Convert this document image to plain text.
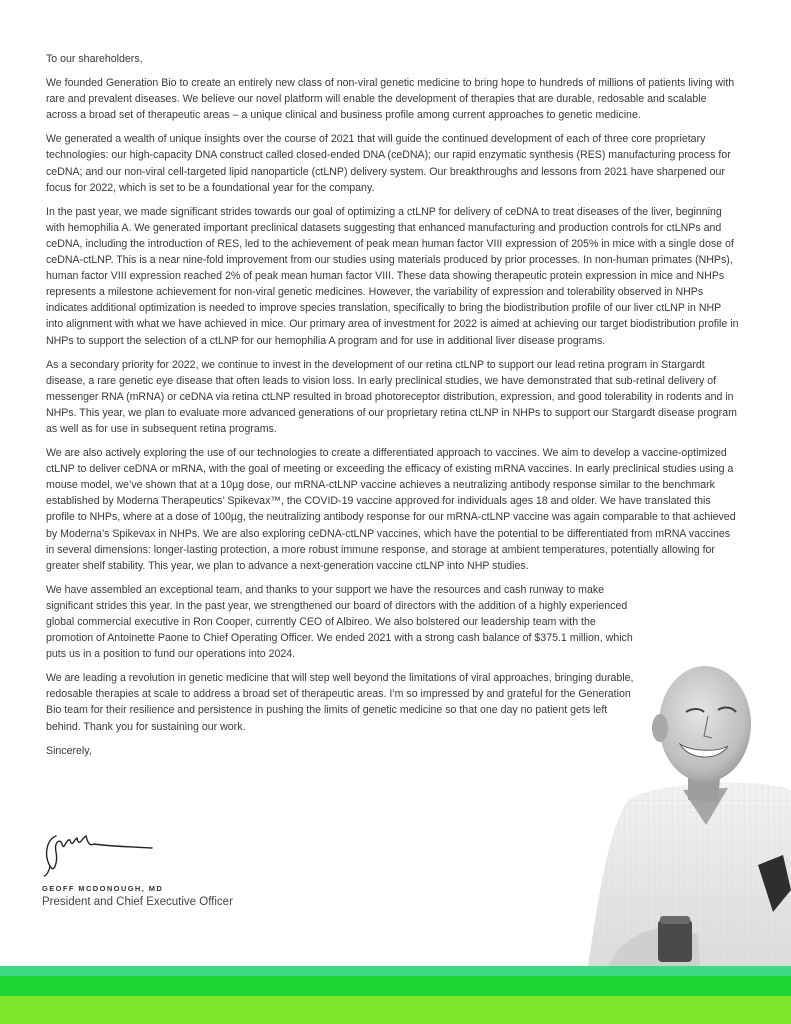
To our shareholders,

We founded Generation Bio to create an entirely new class of non-viral genetic medicine to bring hope to hundreds of millions of patients living with rare and prevalent diseases. We believe our novel platform will enable the development of therapies that are durable, redosable and scalable across a broad set of therapeutic areas – a unique clinical and business profile among current approaches to genetic medicine.

We generated a wealth of unique insights over the course of 2021 that will guide the continued development of each of three core proprietary technologies: our high-capacity DNA construct called closed-ended DNA (ceDNA); our rapid enzymatic synthesis (RES) manufacturing process for ceDNA; and our non-viral cell-targeted lipid nanoparticle (ctLNP) delivery system. Our breakthroughs and lessons from 2021 have sharpened our focus for 2022, which is set to be a foundational year for the company.

In the past year, we made significant strides towards our goal of optimizing a ctLNP for delivery of ceDNA to treat diseases of the liver, beginning with hemophilia A. We generated important preclinical datasets suggesting that enhanced manufacturing and production controls for ctLNPs and ceDNA, including the introduction of RES, led to the achievement of peak mean human factor VIII expression of 205% in mice with a single dose of ceDNA-ctLNP. This is a near nine-fold improvement from our studies using materials produced by prior processes. In non-human primates (NHPs), human factor VIII expression reached 2% of peak mean human factor VIII. These data showing therapeutic protein expression in mice and NHPs represents a milestone achievement for non-viral genetic medicines. However, the variability of expression and tolerability observed in NHPs indicates additional optimization is needed to improve species translation, specifically to bring the biodistribution profile of our liver ctLNP in NHP into alignment with what we have achieved in mice. Our primary area of investment for 2022 is aimed at achieving our target biodistribution profile in NHPs to support the selection of a ctLNP for our hemophilia A program and for use in additional liver disease programs.

As a secondary priority for 2022, we continue to invest in the development of our retina ctLNP to support our lead retina program in Stargardt disease, a rare genetic eye disease that often leads to vision loss. In early preclinical studies, we have demonstrated that sub-retinal delivery of messenger RNA (mRNA) or ceDNA via retina ctLNP resulted in broad photoreceptor distribution, expression, and good tolerability in rodents and in NHPs. This year, we plan to evaluate more advanced generations of our proprietary retina ctLNP in NHPs to support our Stargardt disease program as well as for use in subsequent retina programs.

We are also actively exploring the use of our technologies to create a differentiated approach to vaccines. We aim to develop a vaccine-optimized ctLNP to deliver ceDNA or mRNA, with the goal of meeting or exceeding the efficacy of existing mRNA vaccines. In early preclinical studies using a mouse model, we’ve shown that at a 10µg dose, our mRNA-ctLNP vaccine achieves a neutralizing antibody response similar to the benchmark established by Moderna Therapeutics’ Spikevax™, the COVID-19 vaccine approved for individuals ages 18 and older. We have translated this profile to NHPs, where at a dose of 100µg, the neutralizing antibody response for our mRNA-ctLNP vaccine was again comparable to that achieved by Moderna’s Spikevax in NHPs. We are also exploring ceDNA-ctLNP vaccines, which have the potential to be differentiated from mRNA vaccines in several dimensions: longer-lasting protection, a more robust immune response, and storage at ambient temperatures, potentially allowing for greater shelf stability. This year, we plan to advance a next-generation vaccine ctLNP into NHP studies.

We have assembled an exceptional team, and thanks to your support we have the resources and cash runway to make significant strides this year. In the past year, we strengthened our board of directors with the addition of a highly experienced global commercial executive in Ron Cooper, currently CEO of Albireo. We also bolstered our leadership team with the promotion of Antoinette Paone to Chief Operating Officer. We ended 2021 with a strong cash balance of $375.1 million, which puts us in a position to fund our operations into 2024.

We are leading a revolution in genetic medicine that will step well beyond the limitations of viral approaches, bringing durable, redosable therapies at scale to address a broad set of therapeutic areas. I’m so impressed by and grateful for the Generation Bio team for their resilience and persistence in pushing the limits of genetic medicine so that one day no patient gets left behind. Thank you for sustaining our work.

Sincerely,

GEOFF MCDONOUGH, MD
President and Chief Executive Officer
